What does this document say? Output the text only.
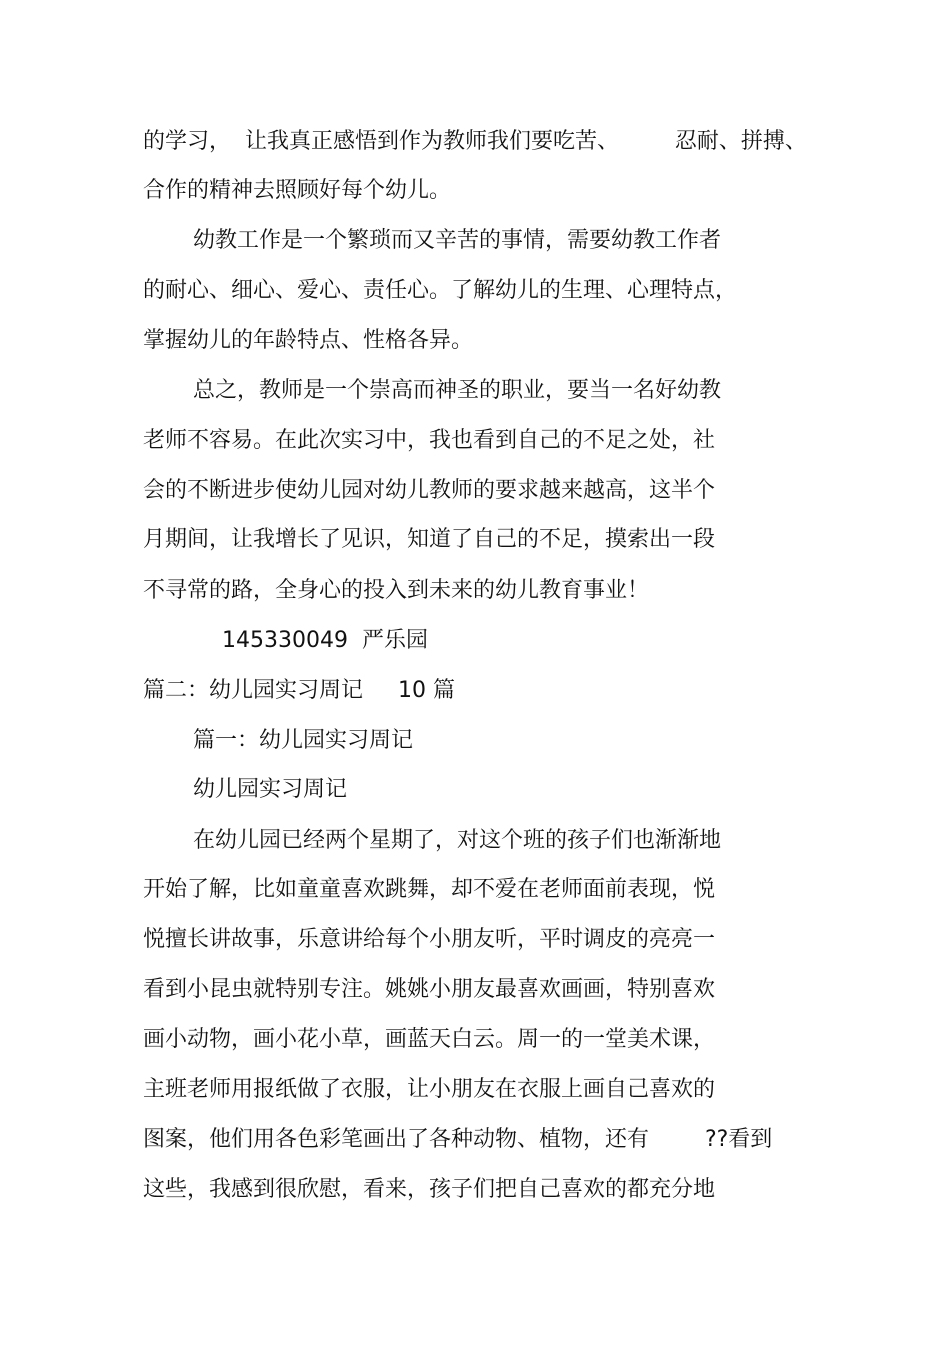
的学习，  让我真正感悟到作为教师我们要吃苦、        忍耐、拼搏、

合作的精神去照顾好每个幼儿。

幼教工作是一个繁琐而又辛苦的事情，需要幼教工作者

的耐心、细心、爱心、责任心。了解幼儿的生理、心理特点，

掌握幼儿的年龄特点、性格各异。

总之，教师是一个崇高而神圣的职业，要当一名好幼教

老师不容易。在此次实习中，我也看到自己的不足之处，社

会的不断进步使幼儿园对幼儿教师的要求越来越高，这半个

月期间，让我增长了见识，知道了自己的不足，摸索出一段

不寻常的路，全身心的投入到未来的幼儿教育事业！

145330049  严乐园

篇二：幼儿园实习周记     10 篇

篇一：幼儿园实习周记

幼儿园实习周记

在幼儿园已经两个星期了，对这个班的孩子们也渐渐地

开始了解，比如童童喜欢跳舞，却不爱在老师面前表现，悦

悦擅长讲故事，乐意讲给每个小朋友听，平时调皮的亮亮一

看到小昆虫就特别专注。姚姚小朋友最喜欢画画，特别喜欢

画小动物，画小花小草，画蓝天白云。周一的一堂美术课，

主班老师用报纸做了衣服，让小朋友在衣服上画自己喜欢的

图案，他们用各色彩笔画出了各种动物、植物，还有        ??看到

这些，我感到很欣慰，看来，孩子们把自己喜欢的都充分地
